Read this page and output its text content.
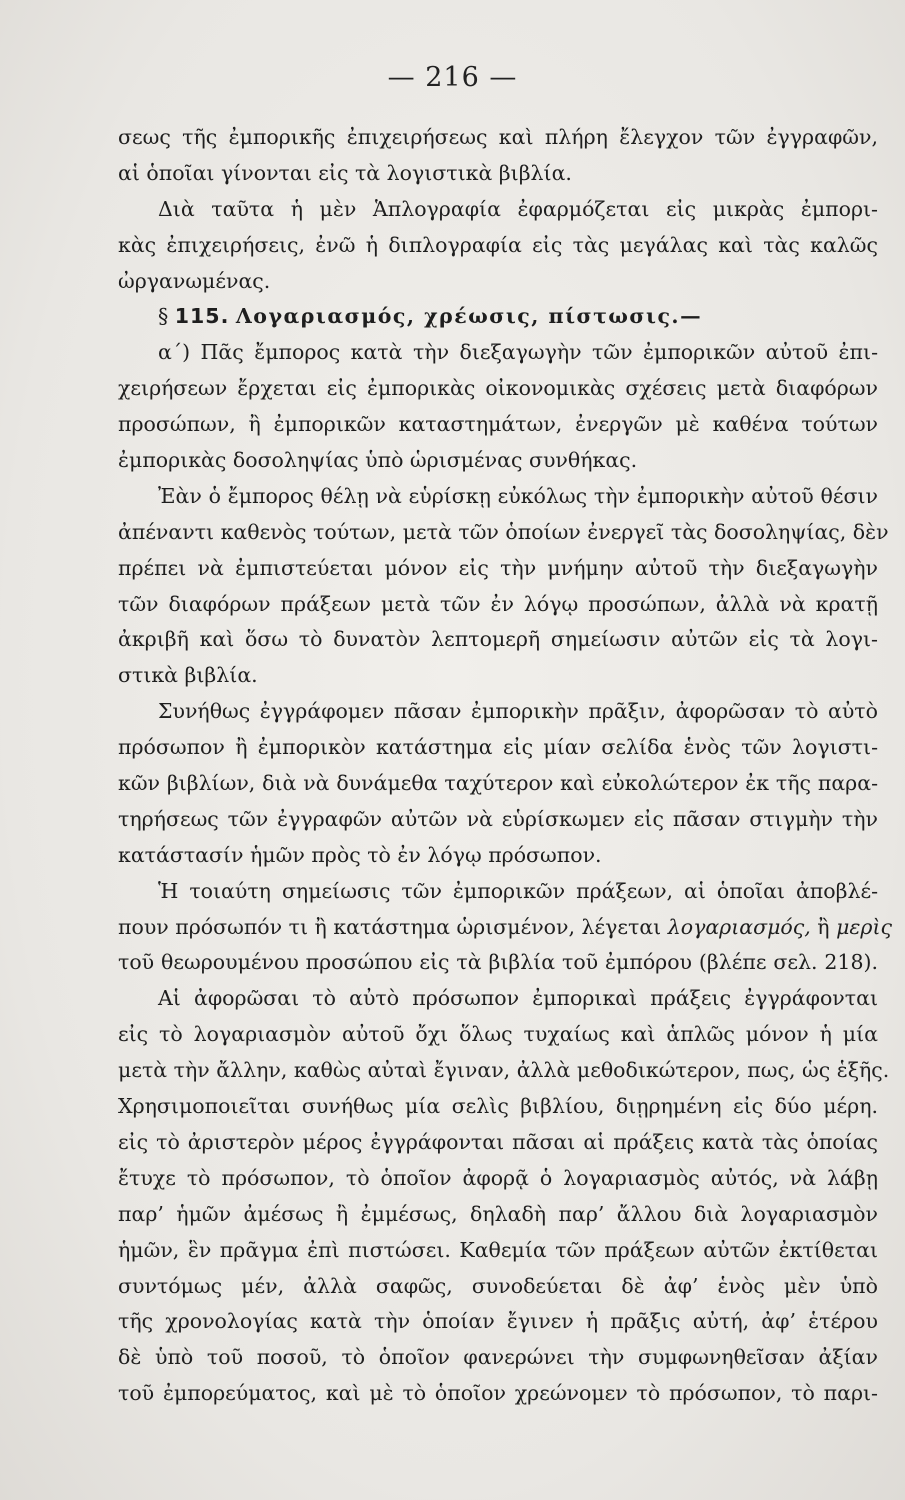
— 216 —
σεως τῆς ἐμπορικῆς ἐπιχειρήσεως καὶ πλήρη ἔλεγχον τῶν ἐγγραφῶν,
αἱ ὁποῖαι γίνονται εἰς τὰ λογιστικὰ βιβλία.
Διὰ ταῦτα ἡ μὲν Ἁπλογραφία ἐφαρμόζεται εἰς μικρὰς ἐμπορι-
κὰς ἐπιχειρήσεις, ἐνῶ ἡ διπλογραφία εἰς τὰς μεγάλας καὶ τὰς καλῶς
ὠργανωμένας.
§ 115. Λογαριασμός, χρέωσις, πίστωσις.—
α΄) Πᾶς ἔμπορος κατὰ τὴν διεξαγωγὴν τῶν ἐμπορικῶν αὐτοῦ ἐπι-
χειρήσεων ἔρχεται εἰς ἐμπορικὰς οἰκονομικὰς σχέσεις μετὰ διαφόρων
προσώπων, ἢ ἐμπορικῶν καταστημάτων, ἐνεργῶν μὲ καθένα τούτων
ἐμπορικὰς δοσοληψίας ὑπὸ ὡρισμένας συνθήκας.
Ἐὰν ὁ ἔμπορος θέλῃ νὰ εὑρίσκῃ εὐκόλως τὴν ἐμπορικὴν αὐτοῦ θέσιν
ἀπέναντι καθενὸς τούτων, μετὰ τῶν ὁποίων ἐνεργεῖ τὰς δοσοληψίας, δὲν
πρέπει νὰ ἐμπιστεύεται μόνον εἰς τὴν μνήμην αὐτοῦ τὴν διεξαγωγὴν
τῶν διαφόρων πράξεων μετὰ τῶν ἐν λόγῳ προσώπων, ἀλλὰ νὰ κρατῇ
ἀκριβῆ καὶ ὅσω τὸ δυνατὸν λεπτομερῆ σημείωσιν αὐτῶν εἰς τὰ λογι-
στικὰ βιβλία.
Συνήθως ἐγγράφομεν πᾶσαν ἐμπορικὴν πρᾶξιν, ἀφορῶσαν τὸ αὐτὸ
πρόσωπον ἢ ἐμπορικὸν κατάστημα εἰς μίαν σελίδα ἑνὸς τῶν λογιστι-
κῶν βιβλίων, διὰ νὰ δυνάμεθα ταχύτερον καὶ εὐκολώτερον ἐκ τῆς παρα-
τηρήσεως τῶν ἐγγραφῶν αὐτῶν νὰ εὑρίσκωμεν εἰς πᾶσαν στιγμὴν τὴν
κατάστασίν ἡμῶν πρὸς τὸ ἐν λόγῳ πρόσωπον.
Ἡ τοιαύτη σημείωσις τῶν ἐμπορικῶν πράξεων, αἱ ὁποῖαι ἀποβλέ-
πουν πρόσωπόν τι ἢ κατάστημα ὡρισμένον, λέγεται λογαριασμός, ἢ μερὶς
τοῦ θεωρουμένου προσώπου εἰς τὰ βιβλία τοῦ ἐμπόρου (βλέπε σελ. 218).
Αἱ ἀφορῶσαι τὸ αὐτὸ πρόσωπον ἐμπορικαὶ πράξεις ἐγγράφονται
εἰς τὸ λογαριασμὸν αὐτοῦ ὄχι ὅλως τυχαίως καὶ ἁπλῶς μόνον ἡ μία
μετὰ τὴν ἄλλην, καθὼς αὐταὶ ἔγιναν, ἀλλὰ μεθοδικώτερον, πως, ὡς ἑξῆς.
Χρησιμοποιεῖται συνήθως μία σελὶς βιβλίου, διῃρημένη εἰς δύο μέρη.
εἰς τὸ ἀριστερὸν μέρος ἐγγράφονται πᾶσαι αἱ πράξεις κατὰ τὰς ὁποίας
ἔτυχε τὸ πρόσωπον, τὸ ὁποῖον ἀφορᾷ ὁ λογαριασμὸς αὐτός, νὰ λάβῃ
παρ’ ἡμῶν ἀμέσως ἢ ἐμμέσως, δηλαδὴ παρ’ ἄλλου διὰ λογαριασμὸν
ἡμῶν, ἓν πρᾶγμα ἐπὶ πιστώσει. Καθεμία τῶν πράξεων αὐτῶν ἐκτίθεται
συντόμως μέν, ἀλλὰ σαφῶς, συνοδεύεται δὲ ἀφ’ ἑνὸς μὲν ὑπὸ
τῆς χρονολογίας κατὰ τὴν ὁποίαν ἔγινεν ἡ πρᾶξις αὐτή, ἀφ’ ἑτέρου
δὲ ὑπὸ τοῦ ποσοῦ, τὸ ὁποῖον φανερώνει τὴν συμφωνηθεῖσαν ἀξίαν
τοῦ ἐμπορεύματος, καὶ μὲ τὸ ὁποῖον χρεώνομεν τὸ πρόσωπον, τὸ παρι-
